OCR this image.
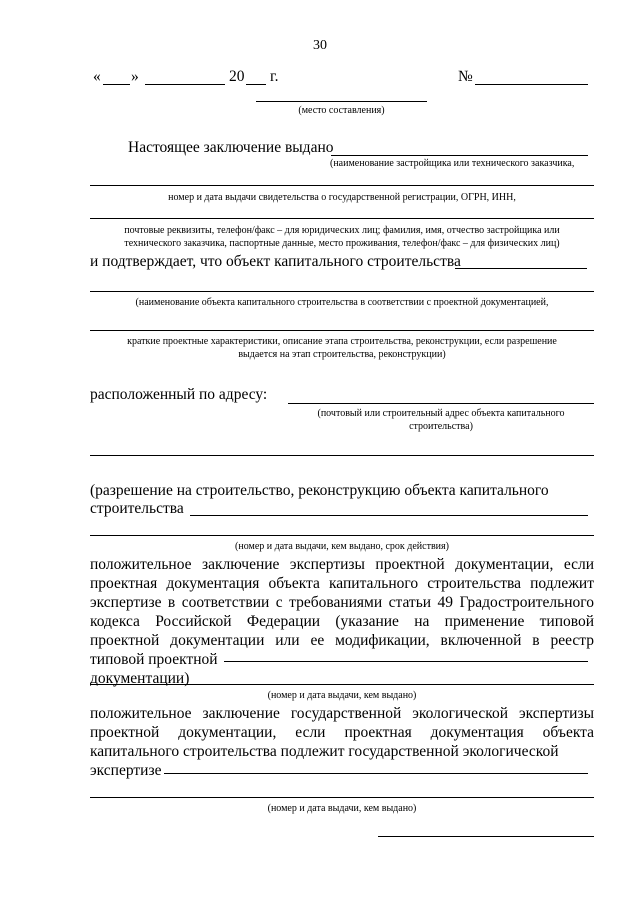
30
« »	20 г.	№
(место составления)
Настоящее заключение выдано
(наименование застройщика или технического заказчика,
номер и дата выдачи свидетельства о государственной регистрации, ОГРН, ИНН,
почтовые реквизиты, телефон/факс – для юридических лиц; фамилия, имя, отчество застройщика или
технического заказчика, паспортные данные, место проживания, телефон/факс – для физических лиц)
и подтверждает, что объект капитального строительства
(наименование объекта капитального строительства в соответствии с проектной документацией,
краткие проектные характеристики, описание этапа строительства, реконструкции, если разрешение
выдается на этап строительства, реконструкции)
расположенный по адресу:
(почтовый или строительный адрес объекта капитального
строительства)
(разрешение на строительство, реконструкцию объекта капитального
строительства
(номер и дата выдачи, кем выдано, срок действия)
положительное заключение экспертизы проектной документации, если проектная документация объекта капитального строительства подлежит экспертизе в соответствии с требованиями статьи 49 Градостроительного кодекса Российской Федерации (указание на применение типовой проектной документации или ее модификации, включенной в реестр типовой проектной
документации)
(номер и дата выдачи, кем выдано)
положительное заключение государственной экологической экспертизы проектной документации, если проектная документация объекта капитального строительства подлежит государственной экологической
экспертизе
(номер и дата выдачи, кем выдано)
